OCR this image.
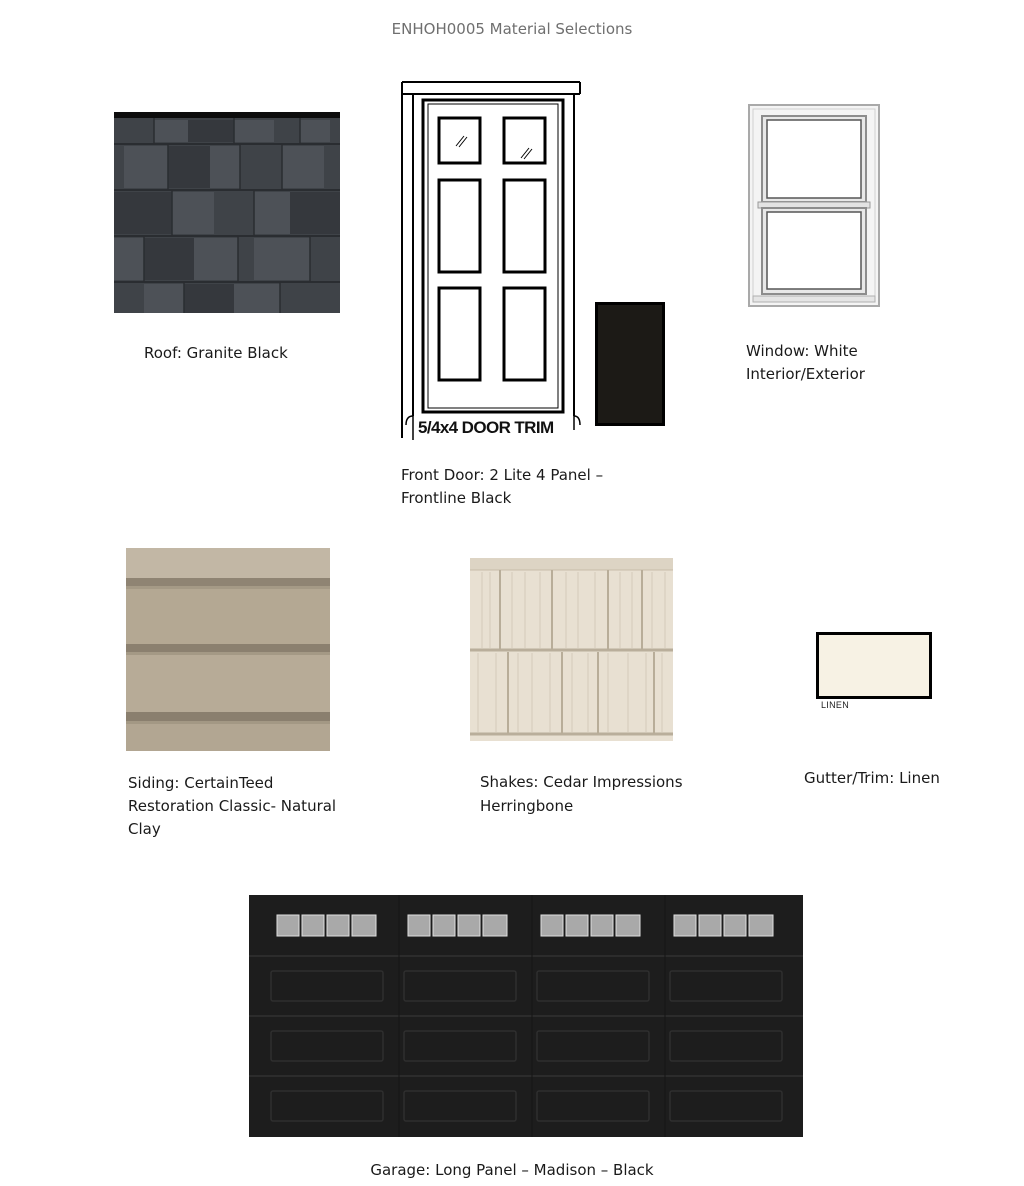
ENHOH0005 Material Selections
Roof: Granite Black
5/4x4 DOOR TRIM
Front Door: 2 Lite 4 Panel –
Frontline Black
Window: White
Interior/Exterior
Siding: CertainTeed
Restoration Classic- Natural
Clay
Shakes: Cedar Impressions
Herringbone
LINEN
Gutter/Trim: Linen
Garage: Long Panel – Madison – Black
